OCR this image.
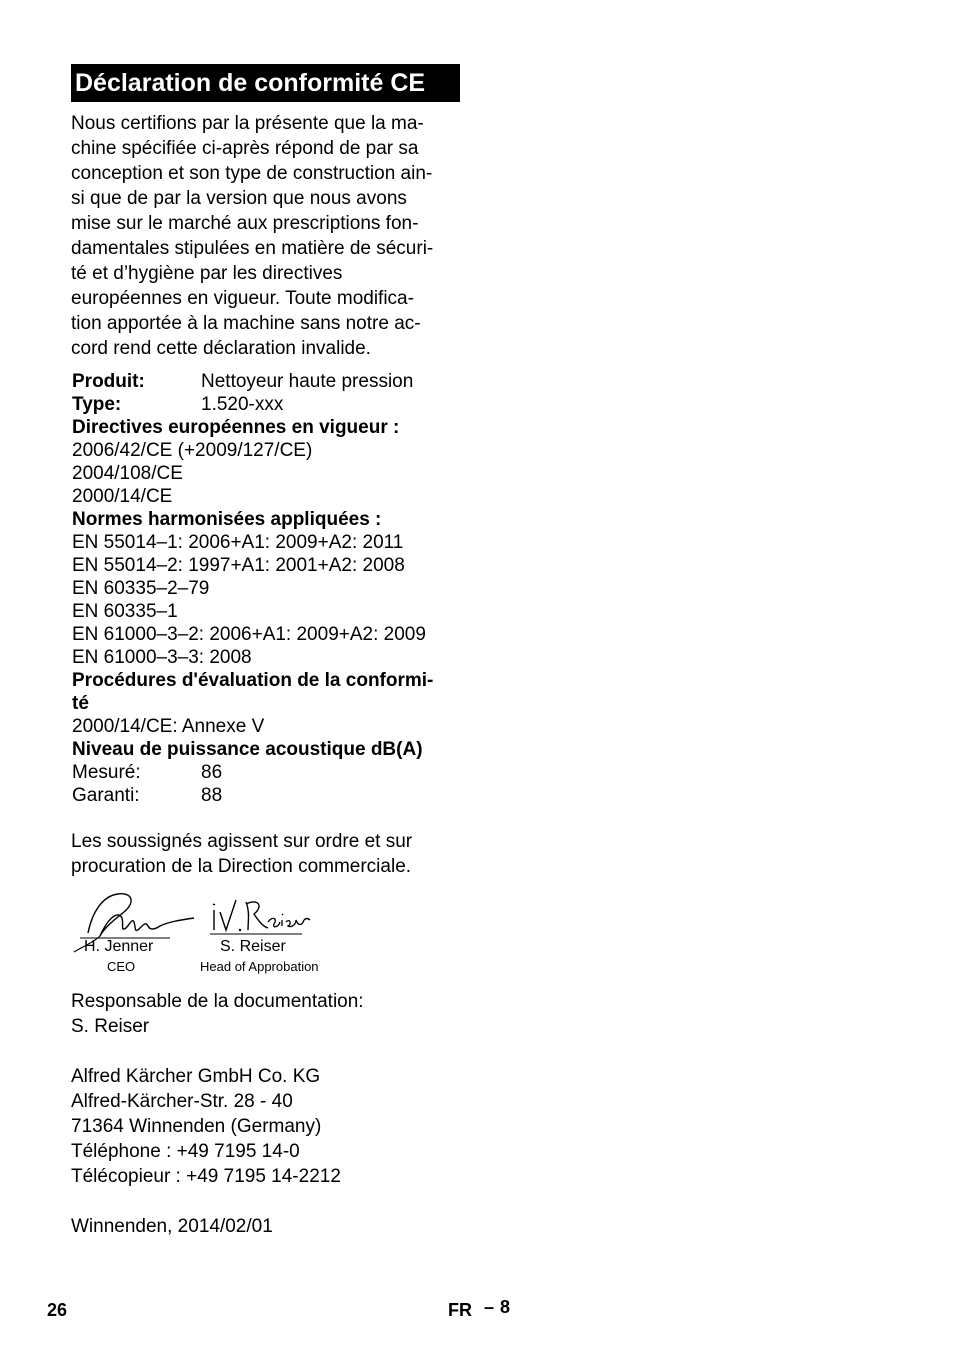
Déclaration de conformité CE
Nous certifions par la présente que la ma-
chine spécifiée ci-après répond de par sa
conception et son type de construction ain-
si que de par la version que nous avons
mise sur le marché aux prescriptions fon-
damentales stipulées en matière de sécuri-
té et d’hygiène par les directives
européennes en vigueur. Toute modifica-
tion apportée à la machine sans notre ac-
cord rend cette déclaration invalide.
Produit:	Nettoyeur haute pression
Type:	1.520-xxx
Directives européennes en vigueur :
2006/42/CE (+2009/127/CE)
2004/108/CE
2000/14/CE
Normes harmonisées appliquées :
EN 55014–1: 2006+A1: 2009+A2: 2011
EN 55014–2: 1997+A1: 2001+A2: 2008
EN 60335–2–79
EN 60335–1
EN 61000–3–2: 2006+A1: 2009+A2: 2009
EN 61000–3–3: 2008
Procédures d'évaluation de la conformi-
té
2000/14/CE: Annexe V
Niveau de puissance acoustique dB(A)
Mesuré:	86
Garanti:	88
Les soussignés agissent sur ordre et sur
procuration de la Direction commerciale.
H. Jenner
CEO
S. Reiser
Head of Approbation
Responsable de la documentation:
S. Reiser
Alfred Kärcher GmbH Co. KG
Alfred-Kärcher-Str. 28 - 40
71364 Winnenden (Germany)
Téléphone : +49 7195 14-0
Télécopieur : +49 7195 14-2212
Winnenden, 2014/02/01
26	FR – 8
